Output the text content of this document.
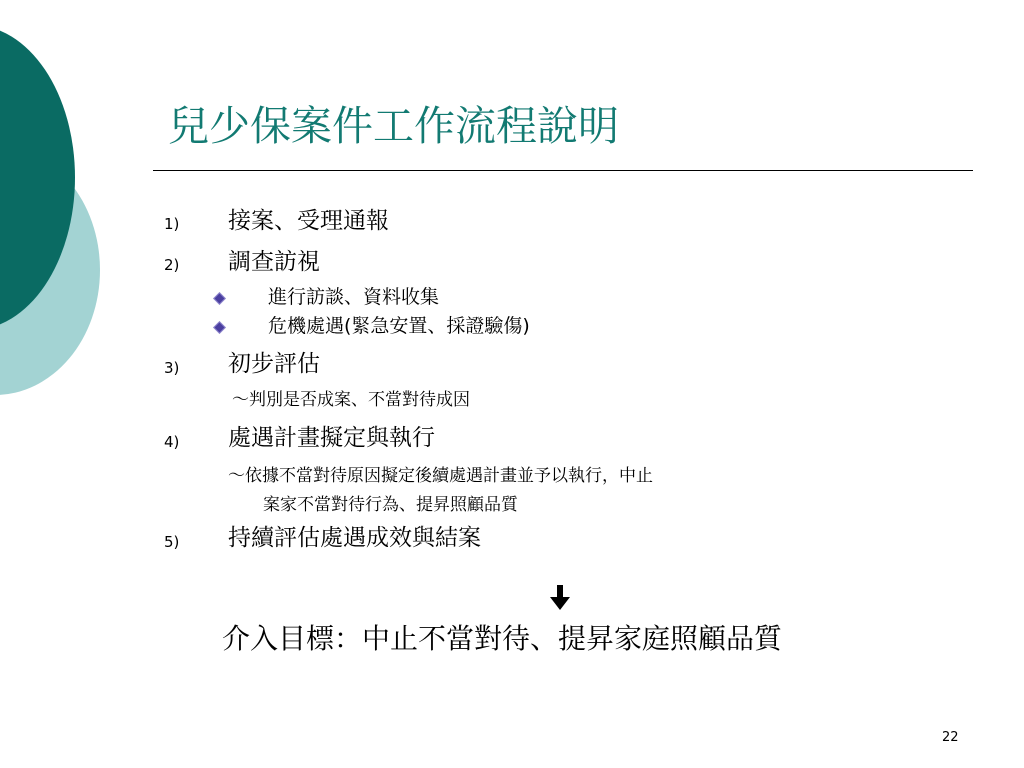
兒少保案件工作流程說明
1) 接案、受理通報
2) 調查訪視
進行訪談、資料收集
危機處遇(緊急安置、採證驗傷)
3) 初步評估
～判別是否成案、不當對待成因
4) 處遇計畫擬定與執行
～依據不當對待原因擬定後續處遇計畫並予以執行，中止
案家不當對待行為、提昇照顧品質
5) 持續評估處遇成效與結案
介入目標：中止不當對待、提昇家庭照顧品質
22
